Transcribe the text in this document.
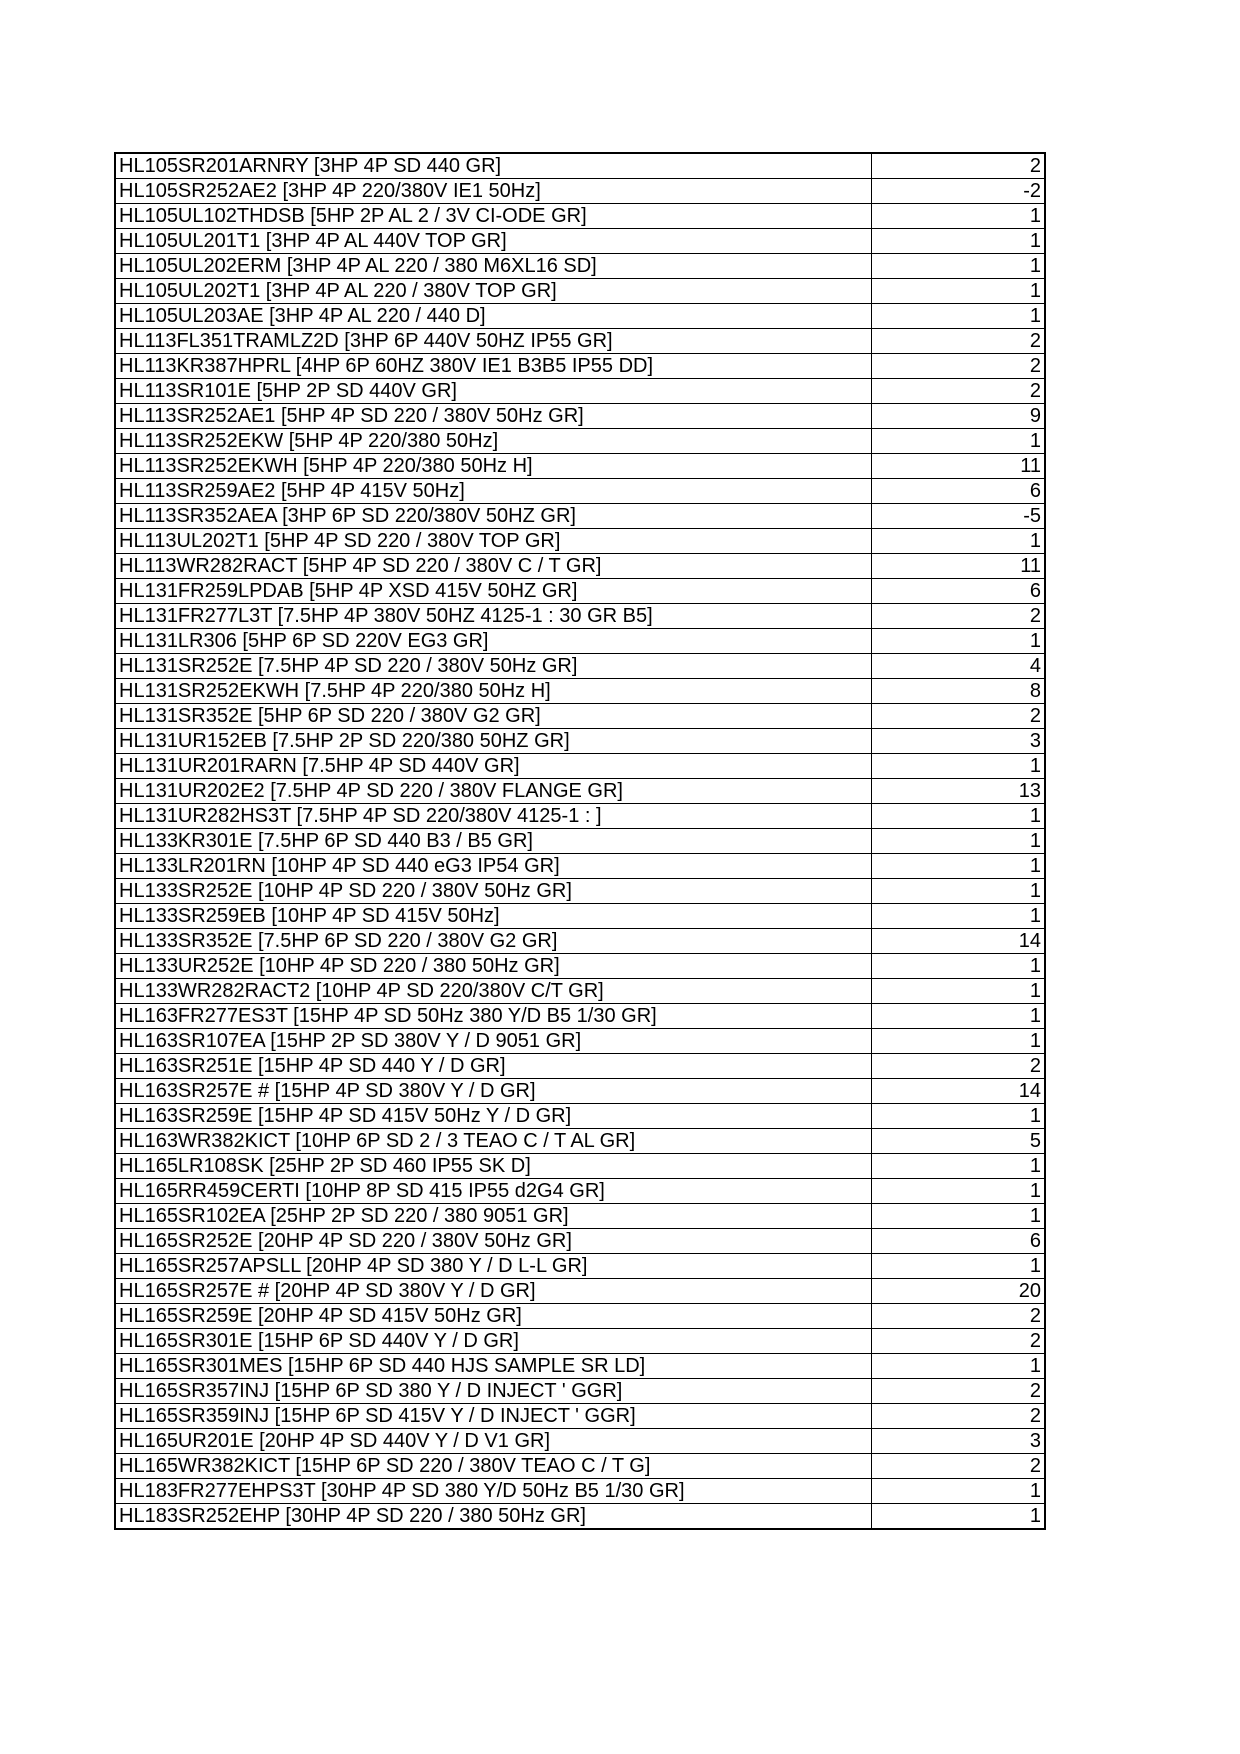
HL105SR201ARNRY [3HP 4P SD 440 GR]	2
HL105SR252AE2 [3HP 4P 220/380V IE1 50Hz]	-2
HL105UL102THDSB [5HP 2P AL 2 / 3V CI-ODE GR]	1
HL105UL201T1 [3HP 4P AL 440V TOP GR]	1
HL105UL202ERM [3HP 4P AL 220 / 380 M6XL16 SD]	1
HL105UL202T1 [3HP 4P AL 220 / 380V TOP GR]	1
HL105UL203AE [3HP 4P AL 220 / 440 D]	1
HL113FL351TRAMLZ2D [3HP 6P 440V 50HZ IP55 GR]	2
HL113KR387HPRL [4HP 6P 60HZ 380V IE1 B3B5 IP55 DD]	2
HL113SR101E [5HP 2P SD 440V GR]	2
HL113SR252AE1 [5HP 4P SD 220 / 380V 50Hz GR]	9
HL113SR252EKW [5HP 4P 220/380 50Hz]	1
HL113SR252EKWH [5HP 4P 220/380 50Hz H]	11
HL113SR259AE2 [5HP 4P 415V 50Hz]	6
HL113SR352AEA [3HP 6P SD 220/380V 50HZ GR]	-5
HL113UL202T1 [5HP 4P SD 220 / 380V TOP GR]	1
HL113WR282RACT [5HP 4P SD 220 / 380V C / T GR]	11
HL131FR259LPDAB [5HP 4P XSD 415V 50HZ GR]	6
HL131FR277L3T [7.5HP 4P 380V 50HZ 4125-1 : 30 GR B5]	2
HL131LR306 [5HP 6P SD 220V EG3 GR]	1
HL131SR252E [7.5HP 4P SD 220 / 380V 50Hz GR]	4
HL131SR252EKWH [7.5HP 4P 220/380 50Hz H]	8
HL131SR352E [5HP 6P SD 220 / 380V G2 GR]	2
HL131UR152EB [7.5HP 2P SD 220/380 50HZ GR]	3
HL131UR201RARN [7.5HP 4P SD 440V GR]	1
HL131UR202E2 [7.5HP 4P SD 220 / 380V FLANGE GR]	13
HL131UR282HS3T [7.5HP 4P SD 220/380V 4125-1 : ]	1
HL133KR301E [7.5HP 6P SD 440 B3 / B5 GR]	1
HL133LR201RN [10HP 4P SD 440 eG3 IP54 GR]	1
HL133SR252E [10HP 4P SD 220 / 380V 50Hz GR]	1
HL133SR259EB [10HP 4P SD 415V 50Hz]	1
HL133SR352E [7.5HP 6P SD 220 / 380V G2 GR]	14
HL133UR252E [10HP 4P SD 220 / 380 50Hz GR]	1
HL133WR282RACT2 [10HP 4P SD 220/380V C/T GR]	1
HL163FR277ES3T [15HP 4P SD 50Hz 380 Y/D B5 1/30 GR]	1
HL163SR107EA [15HP 2P SD 380V Y / D 9051 GR]	1
HL163SR251E [15HP 4P SD 440 Y / D GR]	2
HL163SR257E # [15HP 4P SD 380V Y / D GR]	14
HL163SR259E [15HP 4P SD 415V 50Hz Y / D GR]	1
HL163WR382KICT [10HP 6P SD 2 / 3 TEAO C / T AL GR]	5
HL165LR108SK [25HP 2P SD 460 IP55 SK D]	1
HL165RR459CERTI [10HP 8P SD 415 IP55 d2G4 GR]	1
HL165SR102EA [25HP 2P SD 220 / 380 9051 GR]	1
HL165SR252E [20HP 4P SD 220 / 380V 50Hz GR]	6
HL165SR257APSLL [20HP 4P SD 380 Y / D L-L GR]	1
HL165SR257E # [20HP 4P SD 380V Y / D GR]	20
HL165SR259E [20HP 4P SD 415V 50Hz GR]	2
HL165SR301E [15HP 6P SD 440V Y / D GR]	2
HL165SR301MES [15HP 6P SD 440 HJS SAMPLE SR LD]	1
HL165SR357INJ [15HP 6P SD 380 Y / D INJECT ' GGR]	2
HL165SR359INJ [15HP 6P SD 415V Y / D INJECT ' GGR]	2
HL165UR201E [20HP 4P SD 440V Y / D V1 GR]	3
HL165WR382KICT [15HP 6P SD 220 / 380V TEAO C / T G]	2
HL183FR277EHPS3T [30HP 4P SD 380 Y/D 50Hz B5 1/30 GR]	1
HL183SR252EHP [30HP 4P SD 220 / 380 50Hz GR]	1
